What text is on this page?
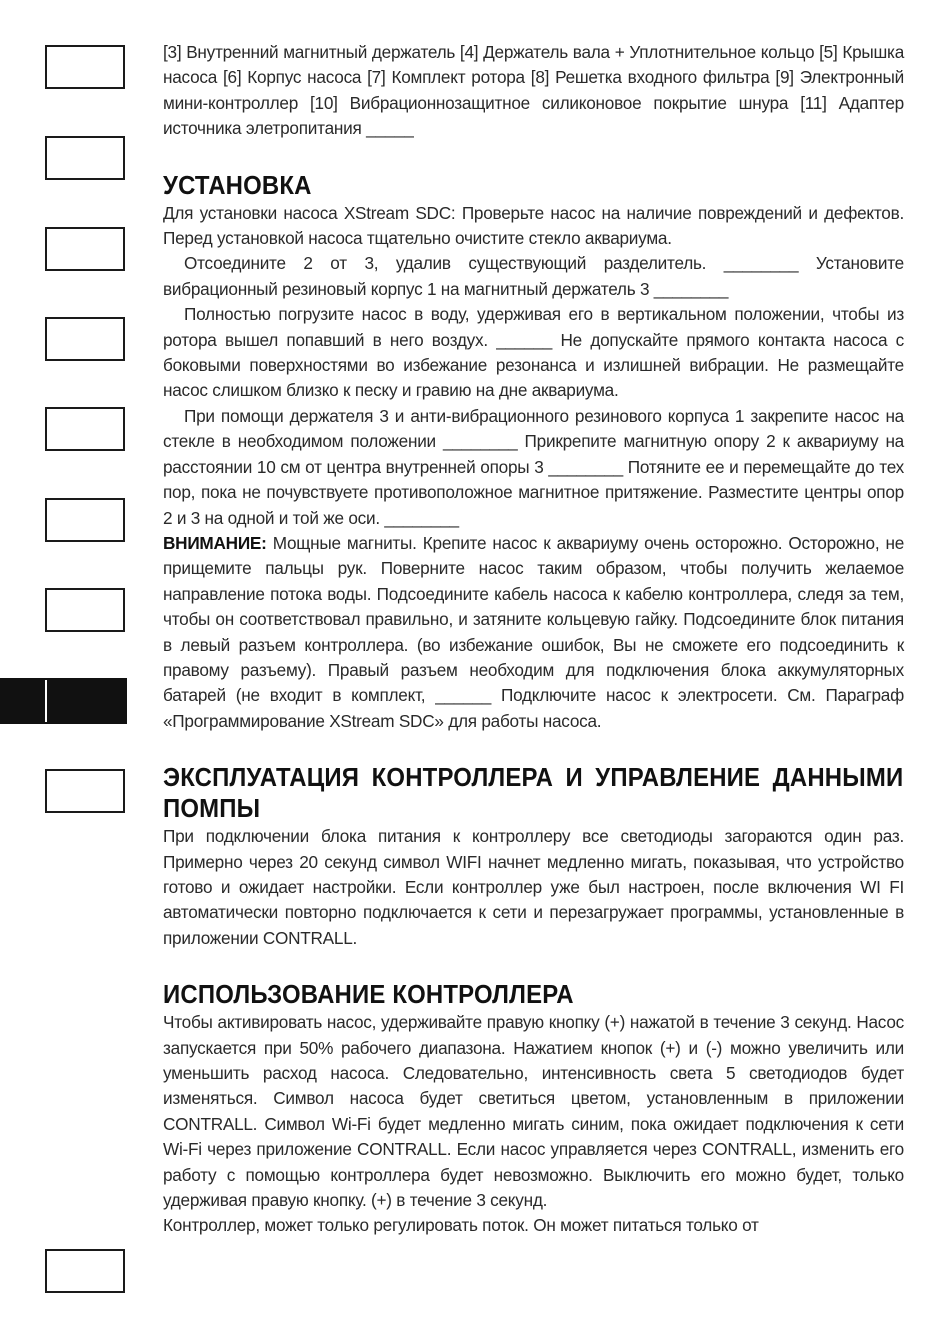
[3] Внутренний магнитный держатель [4] Держатель вала + Уплотнительное кольцо [5] Крышка насоса [6] Корпус насоса [7] Комплект ротора [8] Решетка входного фильтра [9] Электронный мини-контроллер [10] Вибрационнозащитное силиконовое покрытие шнура [11] Адаптер источника элетропитания _____

УСТАНОВКА

Для установки насоса XStream SDC: Проверьте насос на наличие повреждений и дефектов. Перед установкой насоса тщательно очистите стекло аквариума.

Отсоедините 2 от 3, удалив существующий разделитель. ________ Установите вибрационный резиновый корпус 1 на магнитный держатель 3 ________

Полностью погрузите насос в воду, удерживая его в вертикальном положении, чтобы из ротора вышел попавший в него воздух. ______ Не допускайте прямого контакта насоса с боковыми поверхностями во избежание резонанса и излишней вибрации. Не размещайте насос слишком близко к песку и гравию на дне аквариума.

При помощи держателя 3 и анти-вибрационного резинового корпуса 1 закрепите насос на стекле в необходимом положении ________ Прикрепите магнитную опору 2 к аквариуму на расстоянии 10 см от центра внутренней опоры 3 ________ Потяните ее и перемещайте до тех пор, пока не почувствуете противоположное магнитное притяжение. Разместите центры опор 2 и 3 на одной и той же оси. ________

ВНИМАНИЕ: Мощные магниты. Крепите насос к аквариуму очень осторожно. Осторожно, не прищемите пальцы рук. Поверните насос таким образом, чтобы получить желаемое направление потока воды. Подсоедините кабель насоса к кабелю контроллера, следя за тем, чтобы он соответствовал правильно, и затяните кольцевую гайку. Подсоедините блок питания в левый разъем контроллера. (во избежание ошибок, Вы не сможете его подсоединить к правому разъему). Правый разъем необходим для подключения блока аккумуляторных батарей (не входит в комплект, ______ Подключите насос к электросети. См. Параграф «Программирование XStream SDC» для работы насоса.

ЭКСПЛУАТАЦИЯ КОНТРОЛЛЕРА И УПРАВЛЕНИЕ ДАННЫМИ ПОМПЫ

При подключении блока питания к контроллеру все светодиоды загораются один раз. Примерно через 20 секунд символ WIFI начнет медленно мигать, показывая, что устройство готово и ожидает настройки. Если контроллер уже был настроен, после включения WI FI автоматически повторно подключается к сети и перезагружает программы, установленные в приложении CONTRALL.

ИСПОЛЬЗОВАНИЕ КОНТРОЛЛЕРА

Чтобы активировать насос, удерживайте правую кнопку (+) нажатой в течение 3 секунд. Насос запускается при 50% рабочего диапазона. Нажатием кнопок (+) и (-) можно увеличить или уменьшить расход насоса. Следовательно, интенсивность света 5 светодиодов будет изменяться. Символ насоса будет светиться цветом, установленным в приложении CONTRALL. Символ Wi-Fi будет медленно мигать синим, пока ожидает подключения к сети Wi-Fi через приложение CONTRALL. Если насос управляется через CONTRALL, изменить его работу с помощью контроллера будет невозможно. Выключить его можно будет, только удерживая правую кнопку. (+) в течение 3 секунд.

Контроллер, может только регулировать поток. Он может питаться только от
